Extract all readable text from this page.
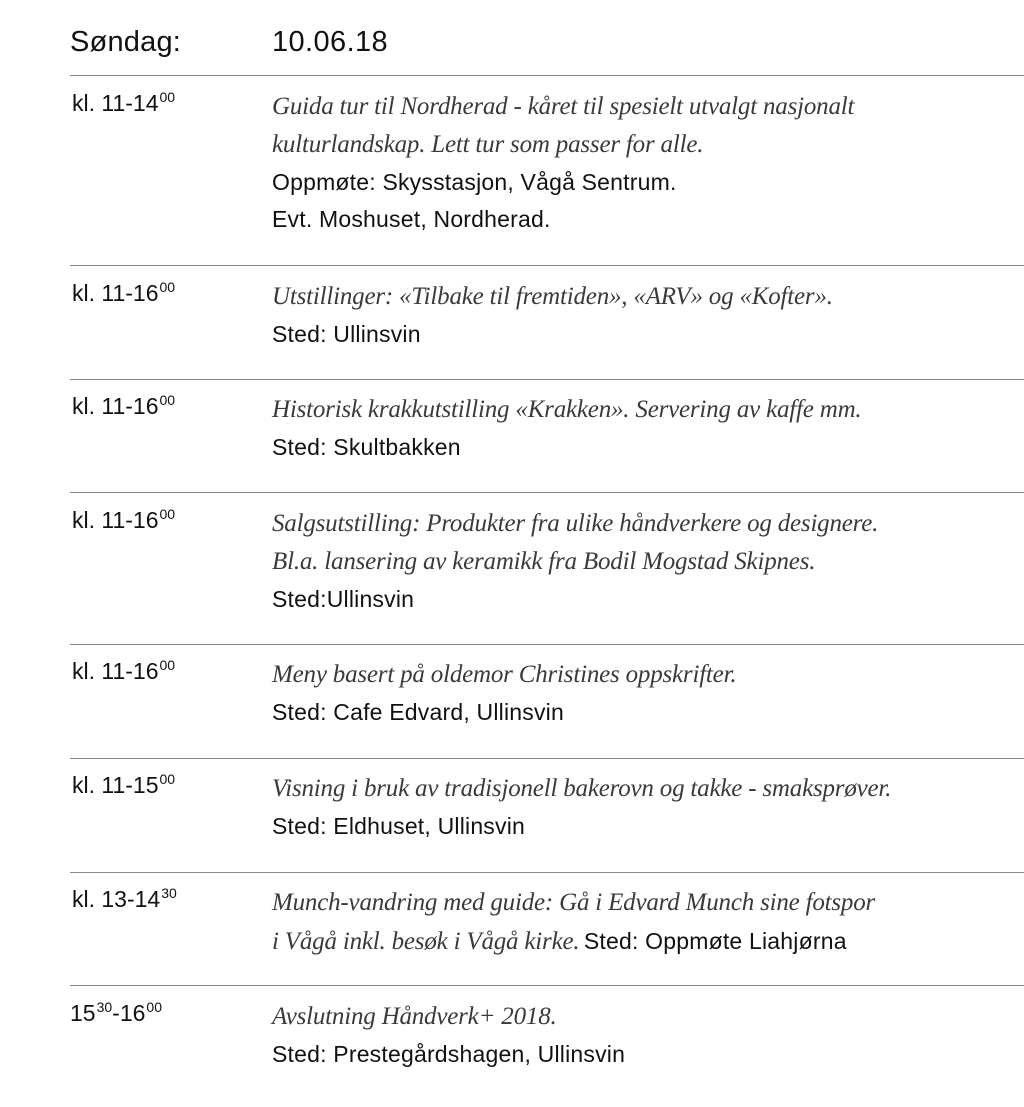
Søndag:	10.06.18
kl. $11-14^{00}$	Guida tur til Nordherad - kåret til spesielt utvalgt nasjonalt
kulturlandskap. Lett tur som passer for alle.
Oppmøte: Skysstasjon, Vågå Sentrum.
Evt. Moshuset, Nordherad.
kl. $11-16^{00}$	Utstillinger: «Tilbake til fremtiden», «ARV» og «Kofter».
Sted: Ullinsvin
kl. $11-16^{00}$	Historisk krakkutstilling «Krakken». Servering av kaffe mm.
Sted: Skultbakken
kl. $11-16^{00}$	Salgsutstilling: Produkter fra ulike håndverkere og designere.
Bl.a. lansering av keramikk fra Bodil Mogstad Skipnes.
Sted:Ullinsvin
kl. $11-16^{00}$	Meny basert på oldemor Christines oppskrifter.
Sted: Cafe Edvard, Ullinsvin
kl. $11-15^{00}$	Visning i bruk av tradisjonell bakerovn og takke - smaksprøver.
Sted: Eldhuset, Ullinsvin
kl. $13-14^{30}$	Munch-vandring med guide: Gå i Edvard Munch sine fotspor
i Vågå inkl. besøk i Vågå kirke. Sted: Oppmøte Liahjørna
$15^{30}-16^{00}$	Avslutning Håndverk+ 2018.
Sted: Prestegårdshagen, Ullinsvin
